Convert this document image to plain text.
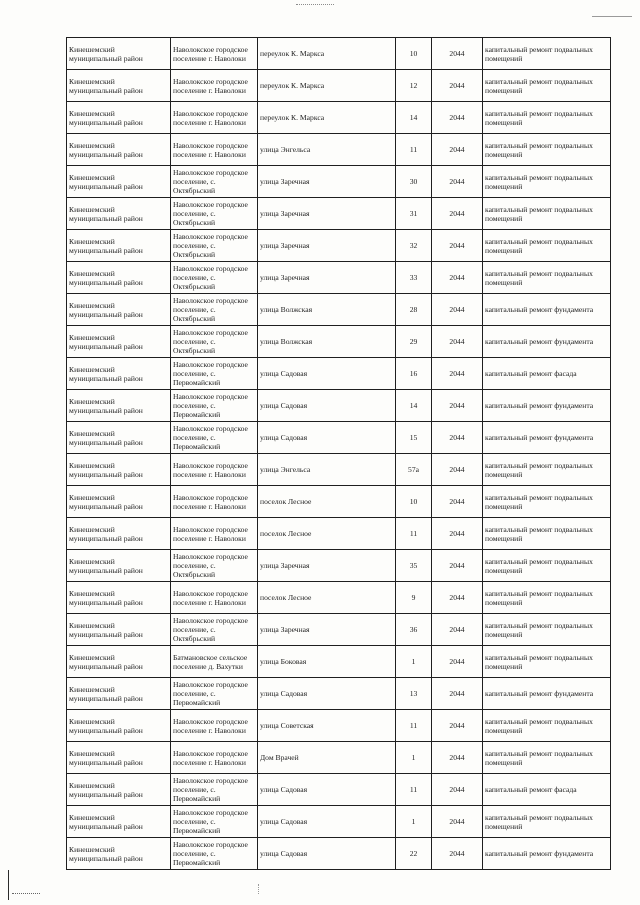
Кинешемский муниципальный район	Наволокское городское поселение г. Наволоки	переулок К. Маркса	10	2044	капитальный ремонт подвальных помещений
Кинешемский муниципальный район	Наволокское городское поселение г. Наволоки	переулок К. Маркса	12	2044	капитальный ремонт подвальных помещений
Кинешемский муниципальный район	Наволокское городское поселение г. Наволоки	переулок К. Маркса	14	2044	капитальный ремонт подвальных помещений
Кинешемский муниципальный район	Наволокское городское поселение г. Наволоки	улица Энгельса	11	2044	капитальный ремонт подвальных помещений
Кинешемский муниципальный район	Наволокское городское поселение, с. Октябрьский	улица Заречная	30	2044	капитальный ремонт подвальных помещений
Кинешемский муниципальный район	Наволокское городское поселение, с. Октябрьский	улица Заречная	31	2044	капитальный ремонт подвальных помещений
Кинешемский муниципальный район	Наволокское городское поселение, с. Октябрьский	улица Заречная	32	2044	капитальный ремонт подвальных помещений
Кинешемский муниципальный район	Наволокское городское поселение, с. Октябрьский	улица Заречная	33	2044	капитальный ремонт подвальных помещений
Кинешемский муниципальный район	Наволокское городское поселение, с. Октябрьский	улица Волжская	28	2044	капитальный ремонт фундамента
Кинешемский муниципальный район	Наволокское городское поселение, с. Октябрьский	улица Волжская	29	2044	капитальный ремонт фундамента
Кинешемский муниципальный район	Наволокское городское поселение, с. Первомайский	улица Садовая	16	2044	капитальный ремонт фасада
Кинешемский муниципальный район	Наволокское городское поселение, с. Первомайский	улица Садовая	14	2044	капитальный ремонт фундамента
Кинешемский муниципальный район	Наволокское городское поселение, с. Первомайский	улица Садовая	15	2044	капитальный ремонт фундамента
Кинешемский муниципальный район	Наволокское городское поселение г. Наволоки	улица Энгельса	57а	2044	капитальный ремонт подвальных помещений
Кинешемский муниципальный район	Наволокское городское поселение г. Наволоки	поселок Лесное	10	2044	капитальный ремонт подвальных помещений
Кинешемский муниципальный район	Наволокское городское поселение г. Наволоки	поселок Лесное	11	2044	капитальный ремонт подвальных помещений
Кинешемский муниципальный район	Наволокское городское поселение, с. Октябрьский	улица Заречная	35	2044	капитальный ремонт подвальных помещений
Кинешемский муниципальный район	Наволокское городское поселение г. Наволоки	поселок Лесное	9	2044	капитальный ремонт подвальных помещений
Кинешемский муниципальный район	Наволокское городское поселение, с. Октябрьский	улица Заречная	36	2044	капитальный ремонт подвальных помещений
Кинешемский муниципальный район	Батмановское сельское поселение д. Вахутки	улица Боковая	1	2044	капитальный ремонт подвальных помещений
Кинешемский муниципальный район	Наволокское городское поселение, с. Первомайский	улица Садовая	13	2044	капитальный ремонт фундамента
Кинешемский муниципальный район	Наволокское городское поселение г. Наволоки	улица Советская	11	2044	капитальный ремонт подвальных помещений
Кинешемский муниципальный район	Наволокское городское поселение г. Наволоки	Дом Врачей	1	2044	капитальный ремонт подвальных помещений
Кинешемский муниципальный район	Наволокское городское поселение, с. Первомайский	улица Садовая	11	2044	капитальный ремонт фасада
Кинешемский муниципальный район	Наволокское городское поселение, с. Первомайский	улица Садовая	1	2044	капитальный ремонт подвальных помещений
Кинешемский муниципальный район	Наволокское городское поселение, с. Первомайский	улица Садовая	22	2044	капитальный ремонт фундамента
